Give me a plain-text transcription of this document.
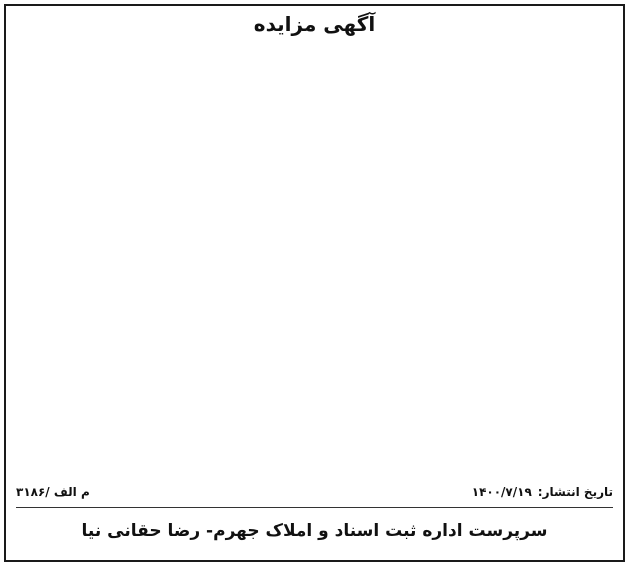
آگهی مزایده
تاریخ انتشار:۱۴۰۰/۷/۱۹
۳۱۸۶/ م الف
سرپرست اداره ثبت اسناد و املاک جهرم- رضا حقانی نیا
